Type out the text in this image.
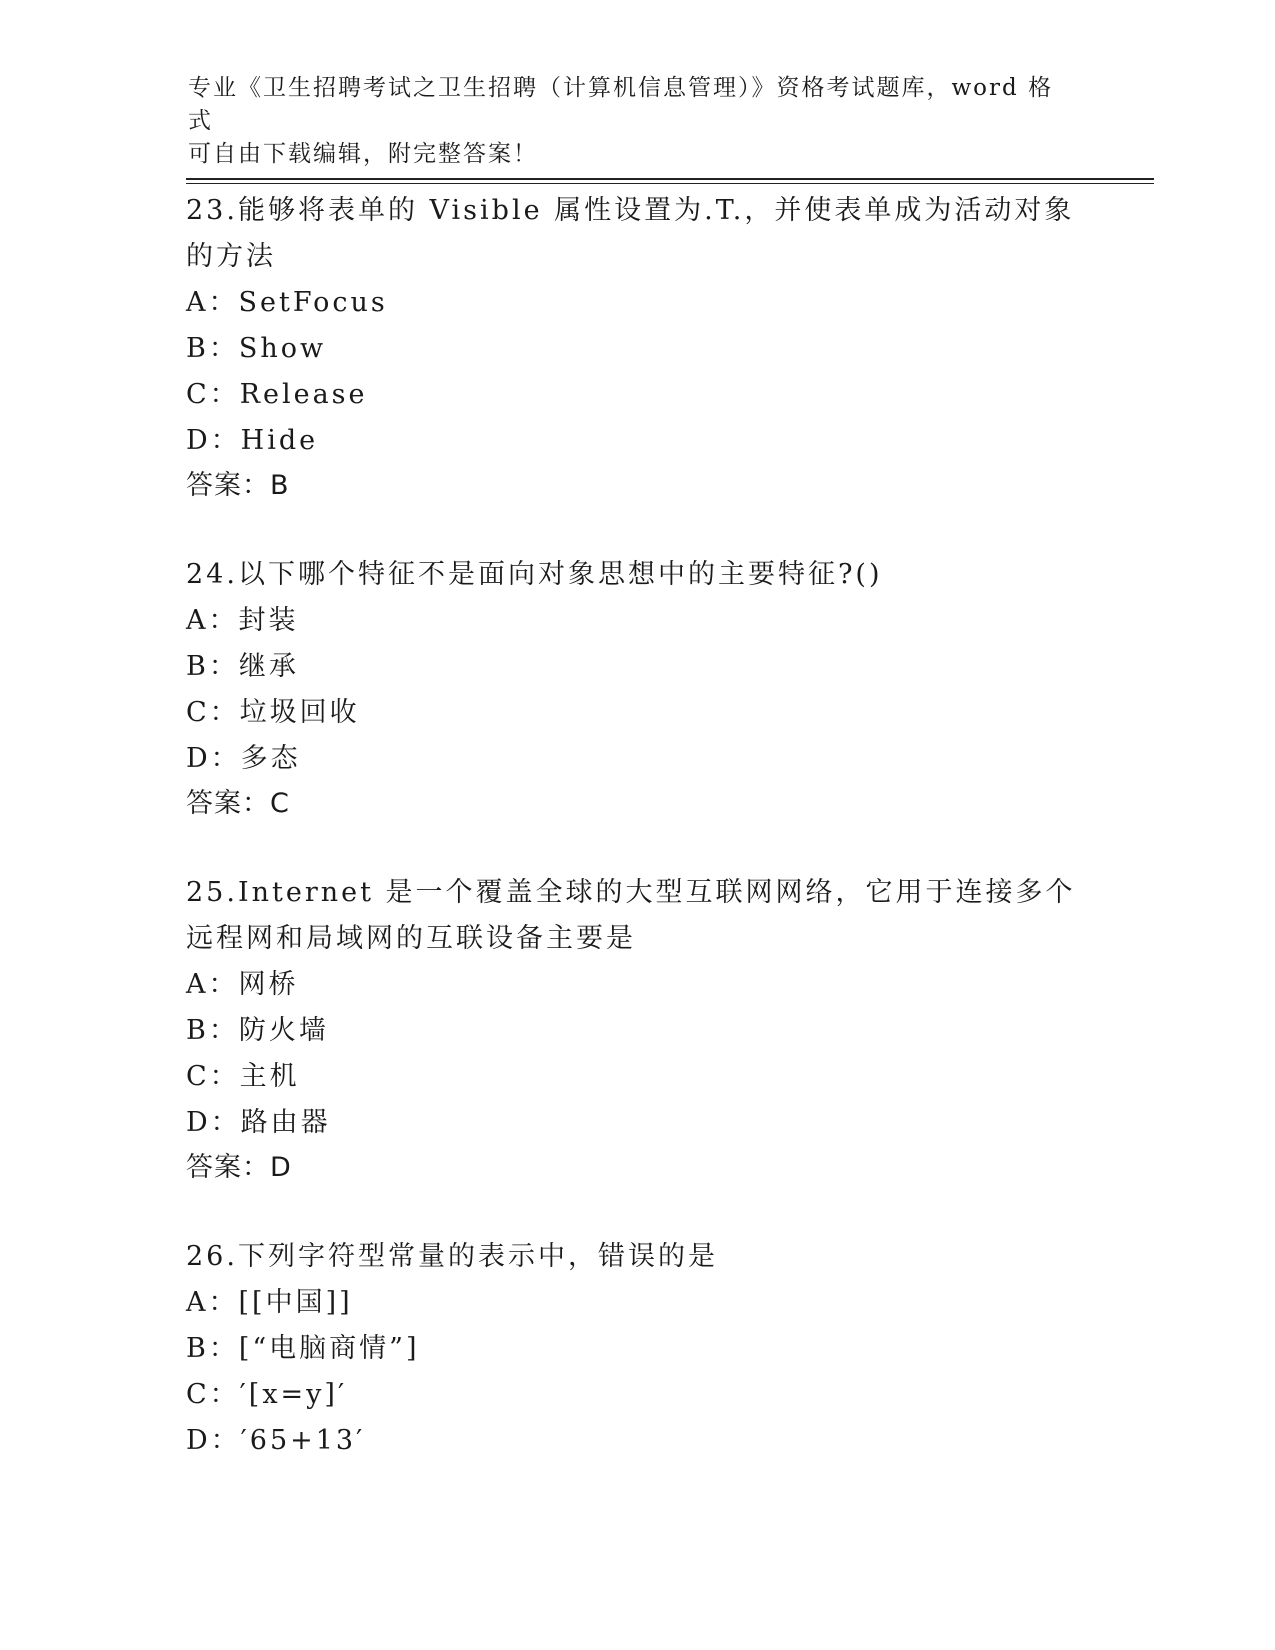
专业《卫生招聘考试之卫生招聘（计算机信息管理）》资格考试题库，word 格式
可自由下载编辑，附完整答案！
23.能够将表单的 Visible 属性设置为.T.，并使表单成为活动对象的方法
A：SetFocus
B：Show
C：Release
D：Hide
答案：B
24.以下哪个特征不是面向对象思想中的主要特征?()
A：封装
B：继承
C：垃圾回收
D：多态
答案：C
25.Internet 是一个覆盖全球的大型互联网网络，它用于连接多个远程网和局域网的互联设备主要是
A：网桥
B：防火墙
C：主机
D：路由器
答案：D
26.下列字符型常量的表示中，错误的是
A：[[中国]]
B：[“电脑商情”]
C：′[x=y]′
D：′65+13′
